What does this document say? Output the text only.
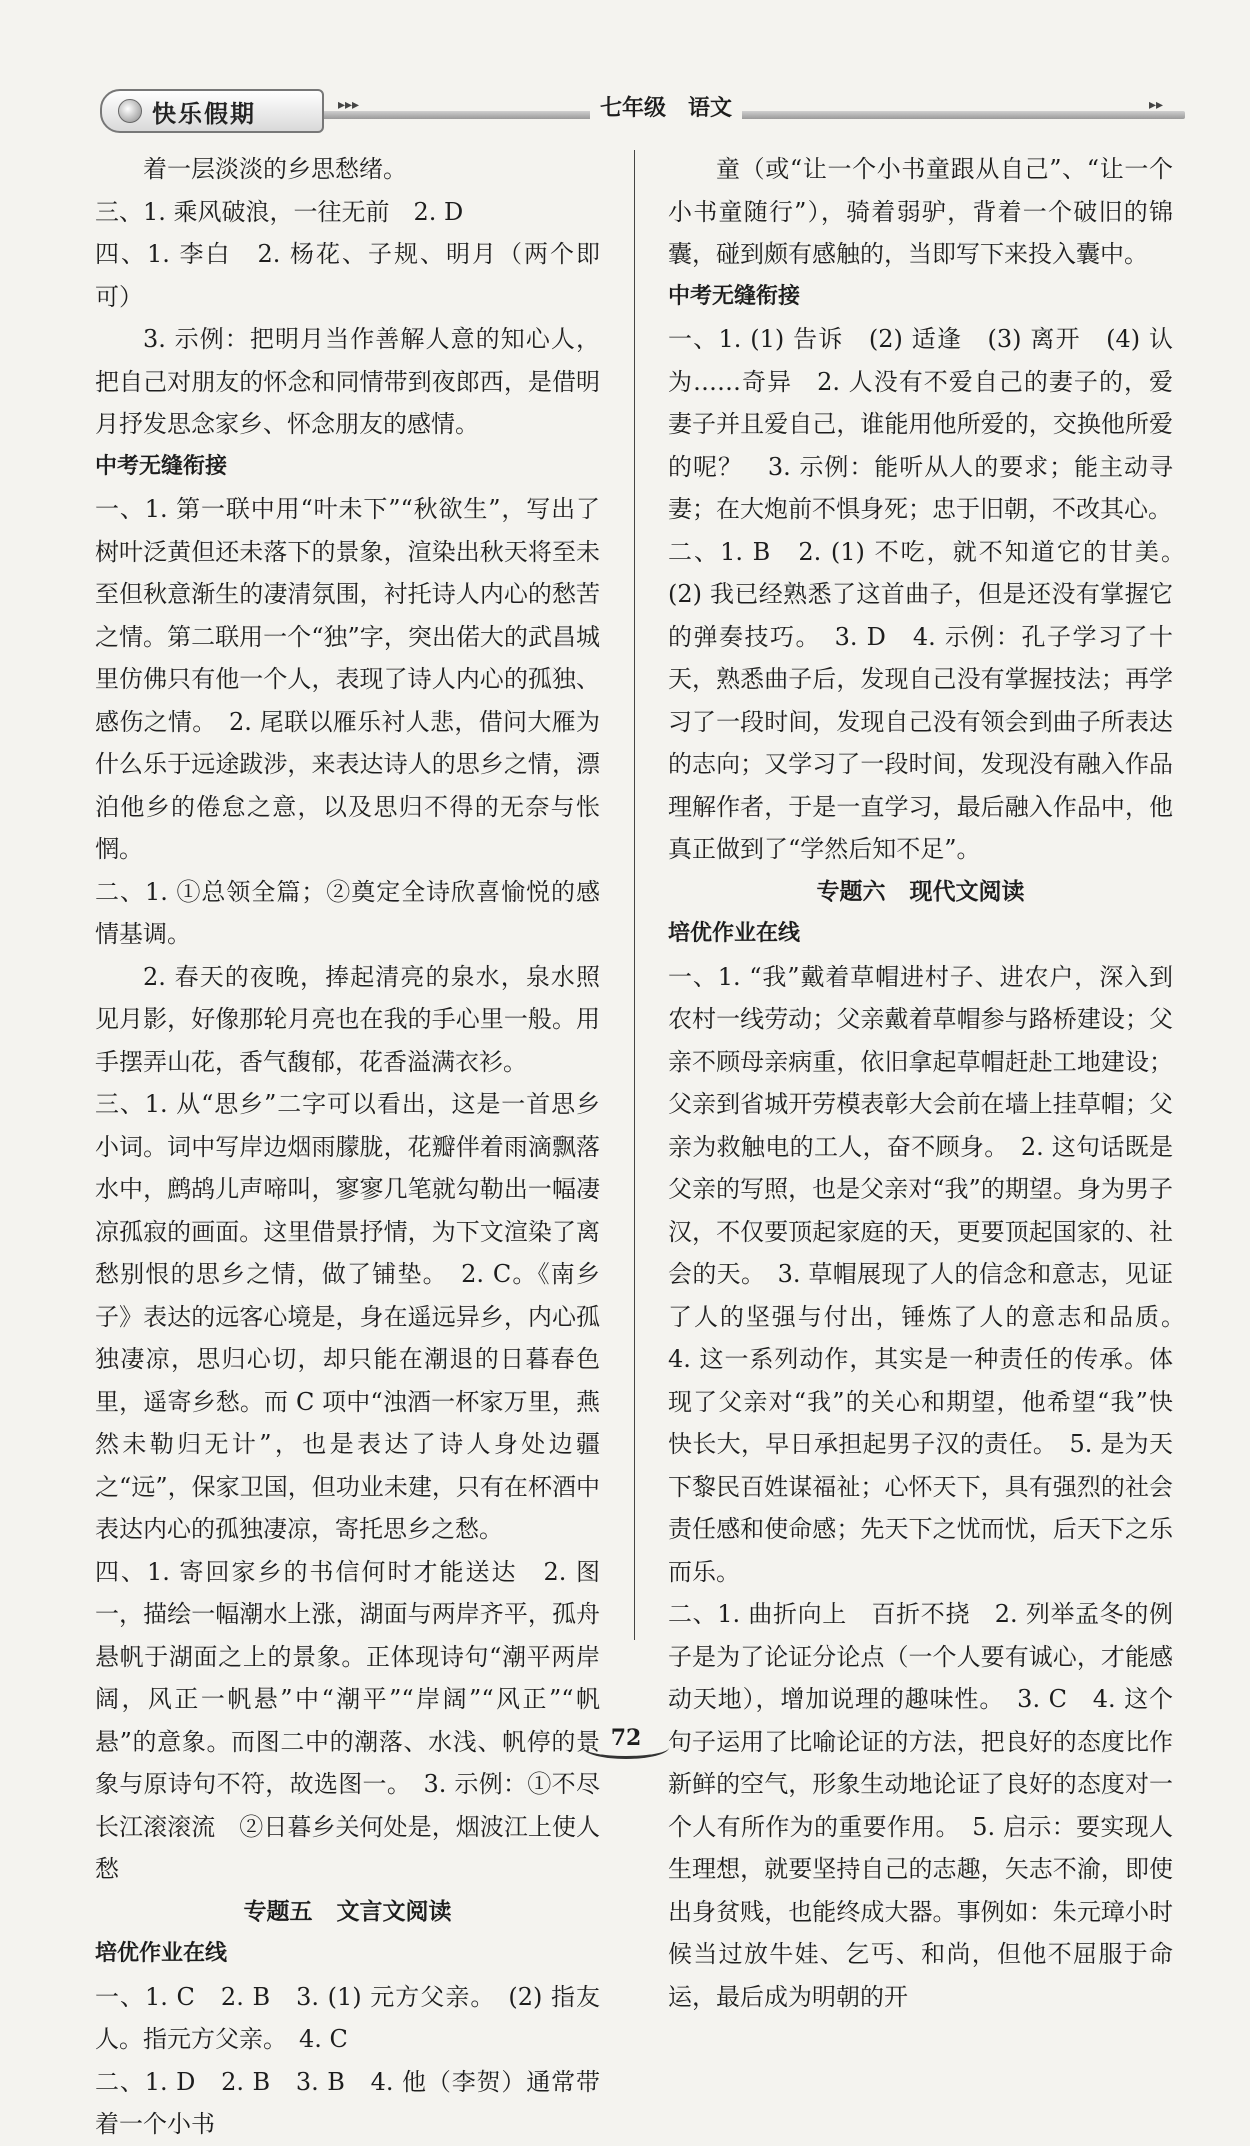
快乐假期	▸▸▸	七年级 语文	▸▸

着一层淡淡的乡思愁绪。

三、1. 乘风破浪，一往无前　2. D

四、1. 李白　2. 杨花、子规、明月（两个即可）

3. 示例：把明月当作善解人意的知心人，把自己对朋友的怀念和同情带到夜郎西，是借明月抒发思念家乡、怀念朋友的感情。

中考无缝衔接

一、1. 第一联中用“叶未下”“秋欲生”，写出了树叶泛黄但还未落下的景象，渲染出秋天将至未至但秋意渐生的凄清氛围，衬托诗人内心的愁苦之情。第二联用一个“独”字，突出偌大的武昌城里仿佛只有他一个人，表现了诗人内心的孤独、感伤之情。　2. 尾联以雁乐衬人悲，借问大雁为什么乐于远途跋涉，来表达诗人的思乡之情，漂泊他乡的倦怠之意，以及思归不得的无奈与怅惘。

二、1. ①总领全篇；②奠定全诗欣喜愉悦的感情基调。

2. 春天的夜晚，捧起清亮的泉水，泉水照见月影，好像那轮月亮也在我的手心里一般。用手摆弄山花，香气馥郁，花香溢满衣衫。

三、1. 从“思乡”二字可以看出，这是一首思乡小词。词中写岸边烟雨朦胧，花瓣伴着雨滴飘落水中，鹧鸪儿声啼叫，寥寥几笔就勾勒出一幅凄凉孤寂的画面。这里借景抒情，为下文渲染了离愁别恨的思乡之情，做了铺垫。　2. C。《南乡子》表达的远客心境是，身在遥远异乡，内心孤独凄凉，思归心切，却只能在潮退的日暮春色里，遥寄乡愁。而 C 项中“浊酒一杯家万里，燕然未勒归无计”，也是表达了诗人身处边疆之“远”，保家卫国，但功业未建，只有在杯酒中表达内心的孤独凄凉，寄托思乡之愁。

四、1. 寄回家乡的书信何时才能送达　2. 图一，描绘一幅潮水上涨，湖面与两岸齐平，孤舟悬帆于湖面之上的景象。正体现诗句“潮平两岸阔，风正一帆悬”中“潮平”“岸阔”“风正”“帆悬”的意象。而图二中的潮落、水浅、帆停的景象与原诗句不符，故选图一。　3. 示例：①不尽长江滚滚流　②日暮乡关何处是，烟波江上使人愁

专题五 文言文阅读

培优作业在线

一、1. C　2. B　3. (1) 元方父亲。　(2) 指友人。指元方父亲。　4. C

二、1. D　2. B　3. B　4. 他（李贺）通常带着一个小书

童（或“让一个小书童跟从自己”、“让一个小书童随行”），骑着弱驴，背着一个破旧的锦囊，碰到颇有感触的，当即写下来投入囊中。

中考无缝衔接

一、1. (1) 告诉　(2) 适逢　(3) 离开　(4) 认为……奇异　2. 人没有不爱自己的妻子的，爱妻子并且爱自己，谁能用他所爱的，交换他所爱的呢？　3. 示例：能听从人的要求；能主动寻妻；在大炮前不惧身死；忠于旧朝，不改其心。

二、1. B　2. (1) 不吃，就不知道它的甘美。　(2) 我已经熟悉了这首曲子，但是还没有掌握它的弹奏技巧。　3. D　4. 示例：孔子学习了十天，熟悉曲子后，发现自己没有掌握技法；再学习了一段时间，发现自己没有领会到曲子所表达的志向；又学习了一段时间，发现没有融入作品理解作者，于是一直学习，最后融入作品中，他真正做到了“学然后知不足”。

专题六 现代文阅读

培优作业在线

一、1. “我”戴着草帽进村子、进农户，深入到农村一线劳动；父亲戴着草帽参与路桥建设；父亲不顾母亲病重，依旧拿起草帽赶赴工地建设；父亲到省城开劳模表彰大会前在墙上挂草帽；父亲为救触电的工人，奋不顾身。　2. 这句话既是父亲的写照，也是父亲对“我”的期望。身为男子汉，不仅要顶起家庭的天，更要顶起国家的、社会的天。　3. 草帽展现了人的信念和意志，见证了人的坚强与付出，锤炼了人的意志和品质。　4. 这一系列动作，其实是一种责任的传承。体现了父亲对“我”的关心和期望，他希望“我”快快长大，早日承担起男子汉的责任。　5. 是为天下黎民百姓谋福祉；心怀天下，具有强烈的社会责任感和使命感；先天下之忧而忧，后天下之乐而乐。

二、1. 曲折向上　百折不挠　2. 列举孟冬的例子是为了论证分论点（一个人要有诚心，才能感动天地），增加说理的趣味性。　3. C　4. 这个句子运用了比喻论证的方法，把良好的态度比作新鲜的空气，形象生动地论证了良好的态度对一个人有所作为的重要作用。　5. 启示：要实现人生理想，就要坚持自己的志趣，矢志不渝，即使出身贫贱，也能终成大器。事例如：朱元璋小时候当过放牛娃、乞丐、和尚，但他不屈服于命运，最后成为明朝的开

72
